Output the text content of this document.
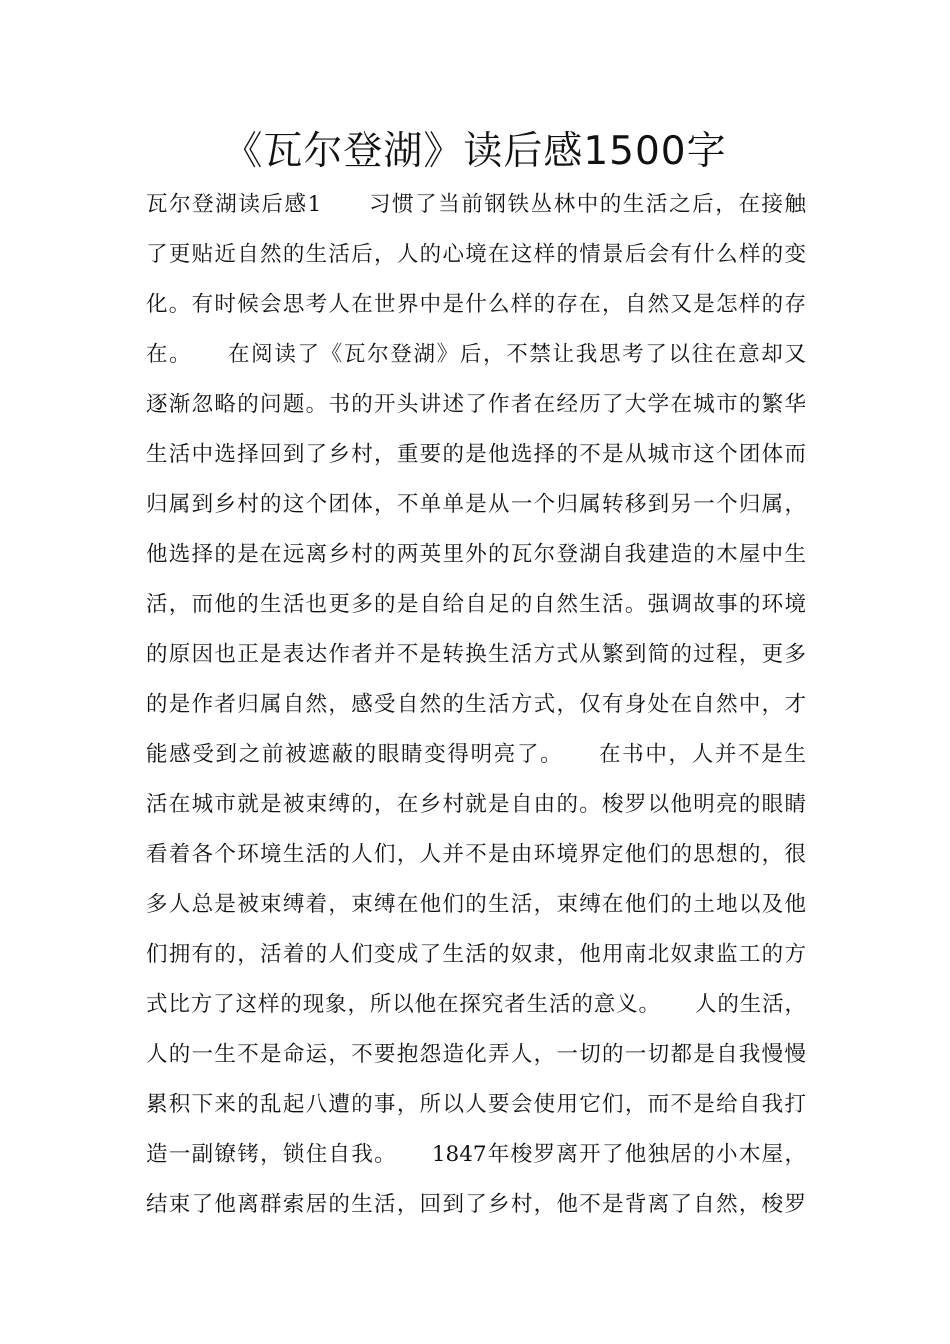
《瓦尔登湖》读后感1500字
瓦尔登湖读后感1　　习惯了当前钢铁丛林中的生活之后，在接触
了更贴近自然的生活后，人的心境在这样的情景后会有什么样的变
化。有时候会思考人在世界中是什么样的存在，自然又是怎样的存
在。　　在阅读了《瓦尔登湖》后，不禁让我思考了以往在意却又
逐渐忽略的问题。书的开头讲述了作者在经历了大学在城市的繁华
生活中选择回到了乡村，重要的是他选择的不是从城市这个团体而
归属到乡村的这个团体，不单单是从一个归属转移到另一个归属，
他选择的是在远离乡村的两英里外的瓦尔登湖自我建造的木屋中生
活，而他的生活也更多的是自给自足的自然生活。强调故事的环境
的原因也正是表达作者并不是转换生活方式从繁到简的过程，更多
的是作者归属自然，感受自然的生活方式，仅有身处在自然中，才
能感受到之前被遮蔽的眼睛变得明亮了。　　在书中，人并不是生
活在城市就是被束缚的，在乡村就是自由的。梭罗以他明亮的眼睛
看着各个环境生活的人们，人并不是由环境界定他们的思想的，很
多人总是被束缚着，束缚在他们的生活，束缚在他们的土地以及他
们拥有的，活着的人们变成了生活的奴隶，他用南北奴隶监工的方
式比方了这样的现象，所以他在探究者生活的意义。　　人的生活，
人的一生不是命运，不要抱怨造化弄人，一切的一切都是自我慢慢
累积下来的乱起八遭的事，所以人要会使用它们，而不是给自我打
造一副镣铐，锁住自我。　　1847年梭罗离开了他独居的小木屋，
结束了他离群索居的生活，回到了乡村，他不是背离了自然，梭罗
